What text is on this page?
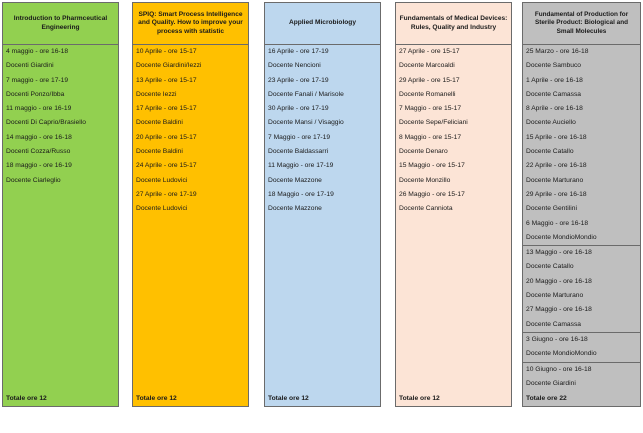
Introduction to Pharmceutical Engineering
4 maggio - ore 16-18
Docenti Giardini
7 maggio - ore 17-19
Docenti Ponzo/Ibba
11 maggio - ore 16-19
Docenti Di Caprio/Brasiello
14 maggio - ore 16-18
Docenti Cozza/Russo
18 maggio - ore 16-19
Docente Ciarleglio
Totale ore 12
SPIQ: Smart Process Intelligence and Quality. How to improve your process with statistic
10 Aprile - ore 15-17
Docente Giardini/Iezzi
13 Aprile - ore 15-17
Docente Iezzi
17 Aprile - ore 15-17
Docente Baldini
20 Aprile - ore 15-17
Docente Baldini
24 Aprile - ore 15-17
Docente Ludovici
27 Aprile - ore 17-19
Docente Ludovici
Totale ore 12
Applied Microbiology
16 Aprile - ore 17-19
Docente Nencioni
23 Aprile - ore 17-19
Docente Fanali / Marisole
30 Aprile - ore 17-19
Docente Mansi / Visaggio
7 Maggio - ore 17-19
Docente Baldassarri
11 Maggio - ore 17-19
Docente Mazzone
18 Maggio - ore 17-19
Docente Mazzone
Totale ore 12
Fundamentals of Medical Devices: Rules, Quality and Industry
27 Aprile - ore 15-17
Docente Marcoaldi
29 Aprile - ore 15-17
Docente Romanelli
7 Maggio - ore 15-17
Docente Sepe/Feliciani
8 Maggio - ore 15-17
Docente Denaro
15 Maggio - ore 15-17
Docente Monzillo
26 Maggio - ore 15-17
Docente Canniota
Totale ore 12
Fundamental of Production for Sterile Product: Biological and Small Molecules
25 Marzo - ore 16-18
Docente Sambuco
1 Aprile - ore 16-18
Docente Camassa
8 Aprile - ore 16-18
Docente Auciello
15 Aprile - ore 16-18
Docente Catallo
22 Aprile - ore 16-18
Docente Marturano
29 Aprile - ore 16-18
Docente Gentilini
6 Maggio - ore 16-18
Docente MondioMondio
13 Maggio - ore 16-18
Docente Catallo
20 Maggio - ore 16-18
Docente Marturano
27 Maggio - ore 16-18
Docente Camassa
3 Giugno - ore 16-18
Docente MondioMondio
10 Giugno - ore 16-18
Docente Giardini
Totale ore 22
